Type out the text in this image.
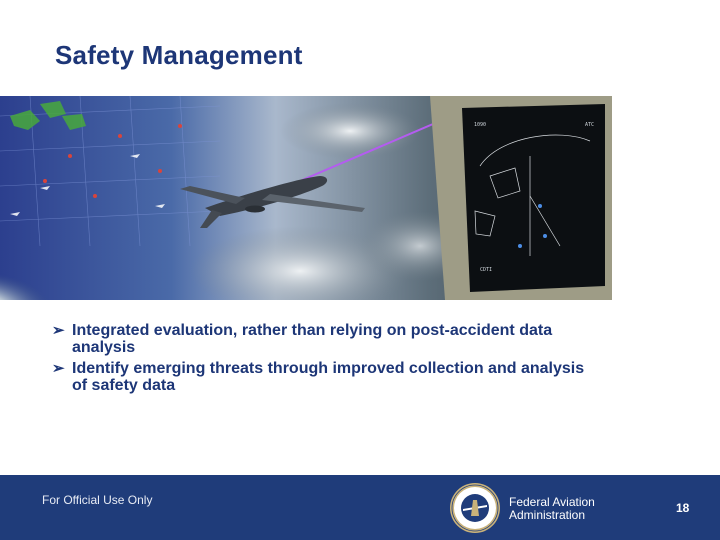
Safety Management
1090	ATC
CDTI
➢ Integrated evaluation, rather than relying on post-accident data analysis
➢ Identify emerging threats through improved collection and analysis of safety data
For Official Use Only	Federal Aviation
Administration	18
